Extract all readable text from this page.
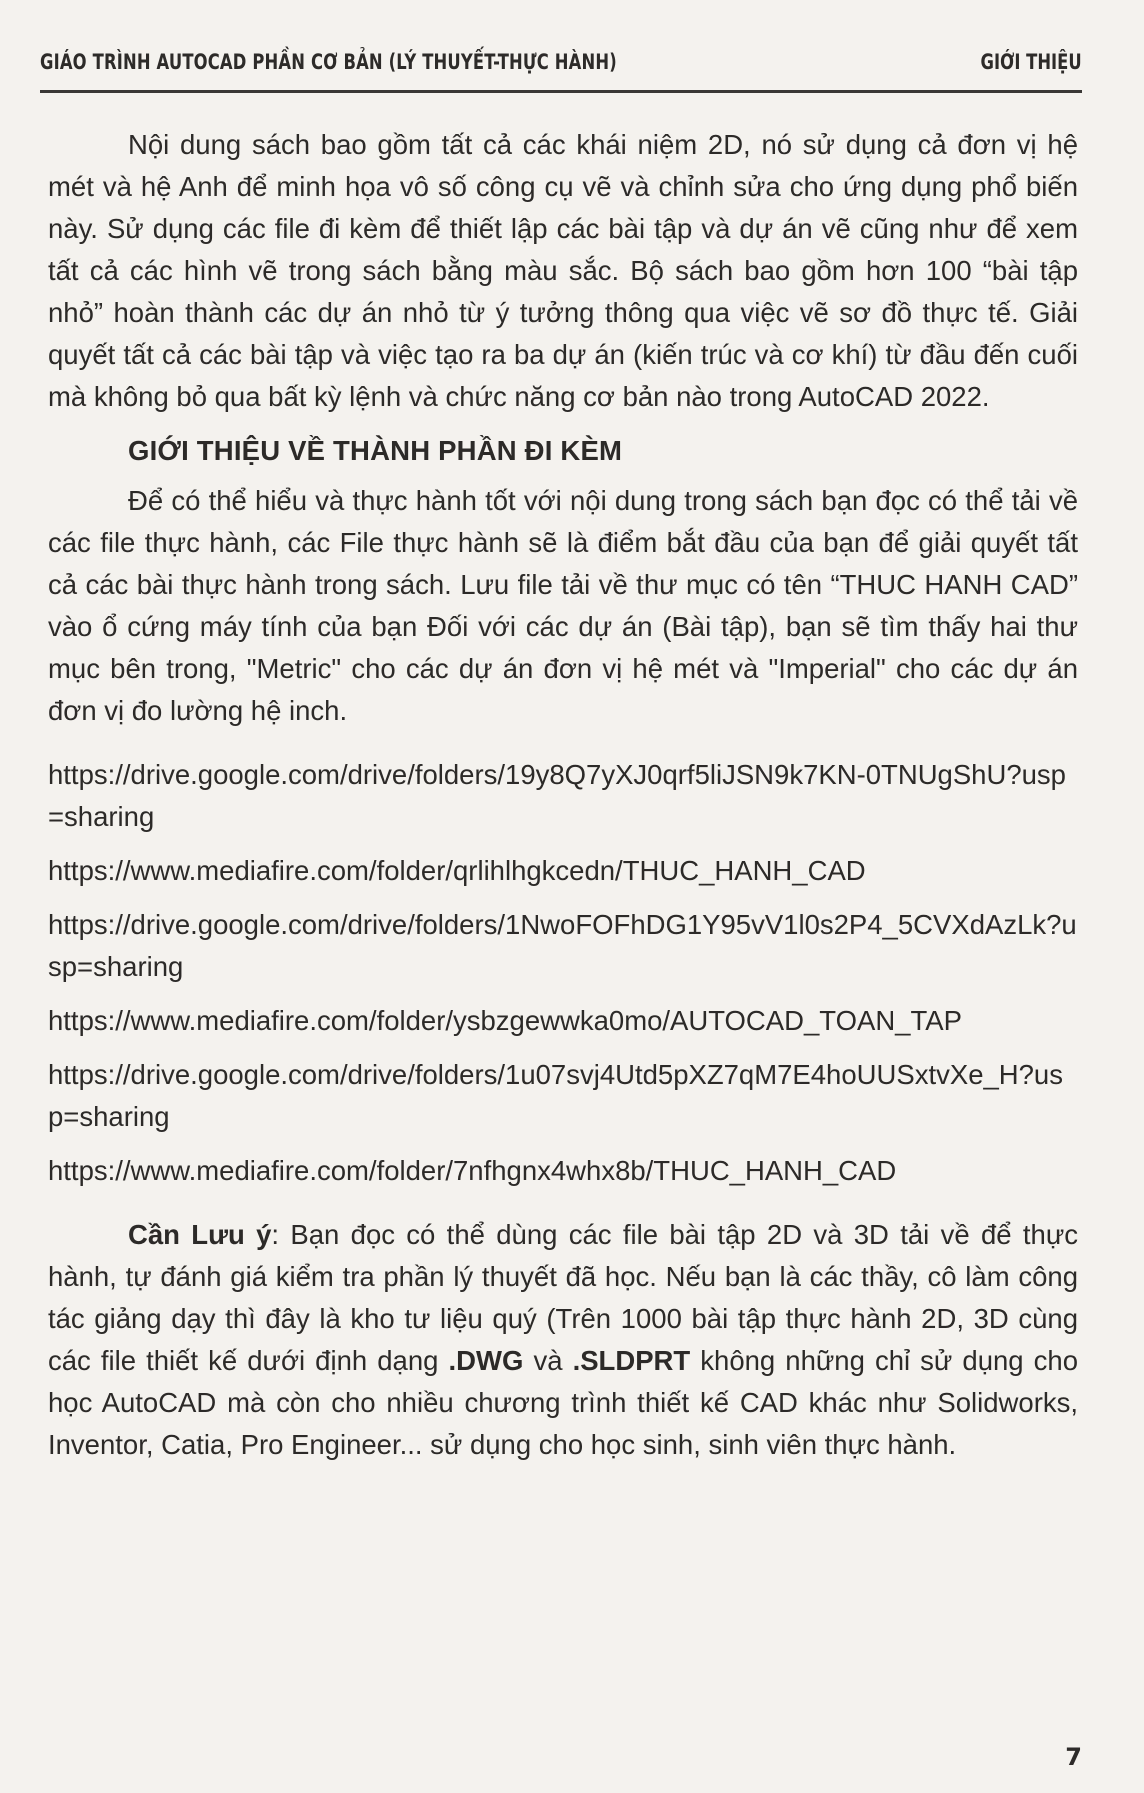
GIÁO TRÌNH AUTOCAD PHẦN CƠ BẢN (LÝ THUYẾT-THỰC HÀNH)	GIỚI THIỆU

Nội dung sách bao gồm tất cả các khái niệm 2D, nó sử dụng cả đơn vị hệ mét và hệ Anh để minh họa vô số công cụ vẽ và chỉnh sửa cho ứng dụng phổ biến này. Sử dụng các file đi kèm để thiết lập các bài tập và dự án vẽ cũng như để xem tất cả các hình vẽ trong sách bằng màu sắc. Bộ sách bao gồm hơn 100 “bài tập nhỏ” hoàn thành các dự án nhỏ từ ý tưởng thông qua việc vẽ sơ đồ thực tế. Giải quyết tất cả các bài tập và việc tạo ra ba dự án (kiến trúc và cơ khí) từ đầu đến cuối mà không bỏ qua bất kỳ lệnh và chức năng cơ bản nào trong AutoCAD 2022.

GIỚI THIỆU VỀ THÀNH PHẦN ĐI KÈM

Để có thể hiểu và thực hành tốt với nội dung trong sách bạn đọc có thể tải về các file thực hành, các File thực hành sẽ là điểm bắt đầu của bạn để giải quyết tất cả các bài thực hành trong sách. Lưu file tải về thư mục có tên “THUC HANH CAD” vào ổ cứng máy tính của bạn Đối với các dự án (Bài tập), bạn sẽ tìm thấy hai thư mục bên trong, "Metric" cho các dự án đơn vị hệ mét và "Imperial" cho các dự án đơn vị đo lường hệ inch.

https://drive.google.com/drive/folders/19y8Q7yXJ0qrf5liJSN9k7KN-0TNUgShU?usp=sharing
https://www.mediafire.com/folder/qrlihlhgkcedn/THUC_HANH_CAD
https://drive.google.com/drive/folders/1NwoFOFhDG1Y95vV1l0s2P4_5CVXdAzLk?usp=sharing
https://www.mediafire.com/folder/ysbzgewwka0mo/AUTOCAD_TOAN_TAP
https://drive.google.com/drive/folders/1u07svj4Utd5pXZ7qM7E4hoUUSxtvXe_H?usp=sharing
https://www.mediafire.com/folder/7nfhgnx4whx8b/THUC_HANH_CAD

Cần Lưu ý: Bạn đọc có thể dùng các file bài tập 2D và 3D tải về để thực hành, tự đánh giá kiểm tra phần lý thuyết đã học. Nếu bạn là các thầy, cô làm công tác giảng dạy thì đây là kho tư liệu quý (Trên 1000 bài tập thực hành 2D, 3D cùng các file thiết kế dưới định dạng .DWG và .SLDPRT không những chỉ sử dụng cho học AutoCAD mà còn cho nhiều chương trình thiết kế CAD khác như Solidworks, Inventor, Catia, Pro Engineer... sử dụng cho học sinh, sinh viên thực hành.

7
